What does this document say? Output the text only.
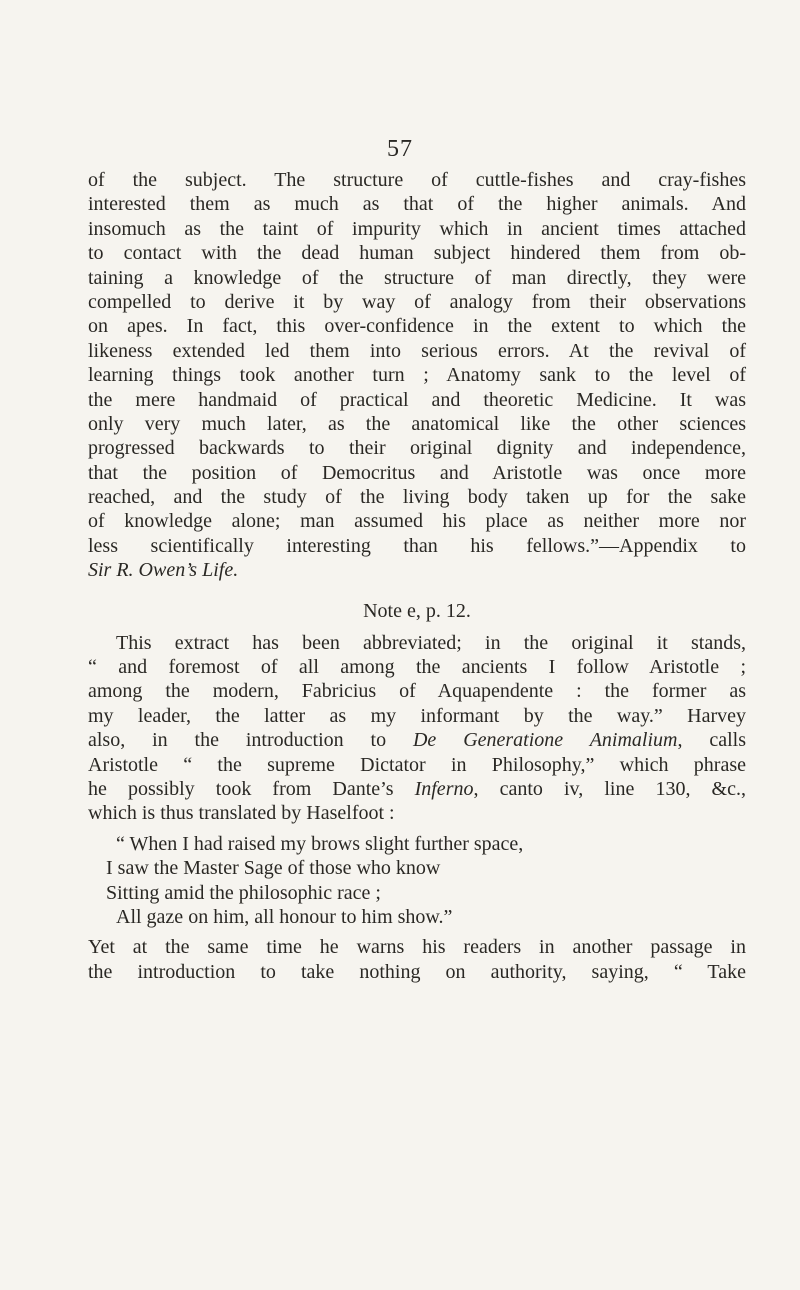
57
of the subject. The structure of cuttle-fishes and cray-fishes
interested them as much as that of the higher animals. And
insomuch as the taint of impurity which in ancient times attached
to contact with the dead human subject hindered them from ob-
taining a knowledge of the structure of man directly, they were
compelled to derive it by way of analogy from their observations
on apes. In fact, this over-confidence in the extent to which the
likeness extended led them into serious errors. At the revival of
learning things took another turn ; Anatomy sank to the level of
the mere handmaid of practical and theoretic Medicine. It was
only very much later, as the anatomical like the other sciences
progressed backwards to their original dignity and independence,
that the position of Democritus and Aristotle was once more
reached, and the study of the living body taken up for the sake
of knowledge alone; man assumed his place as neither more nor
less scientifically interesting than his fellows.”—Appendix to
Sir R. Owen’s Life.
Note e, p. 12.
This extract has been abbreviated; in the original it stands,
“ and foremost of all among the ancients I follow Aristotle ;
among the modern, Fabricius of Aquapendente : the former as
my leader, the latter as my informant by the way.” Harvey
also, in the introduction to De Generatione Animalium, calls
Aristotle “ the supreme Dictator in Philosophy,” which phrase
he possibly took from Dante’s Inferno, canto iv, line 130, &c.,
which is thus translated by Haselfoot :
“ When I had raised my brows slight further space,
I saw the Master Sage of those who know
Sitting amid the philosophic race ;
All gaze on him, all honour to him show.”
Yet at the same time he warns his readers in another passage in
the introduction to take nothing on authority, saying, “ Take
